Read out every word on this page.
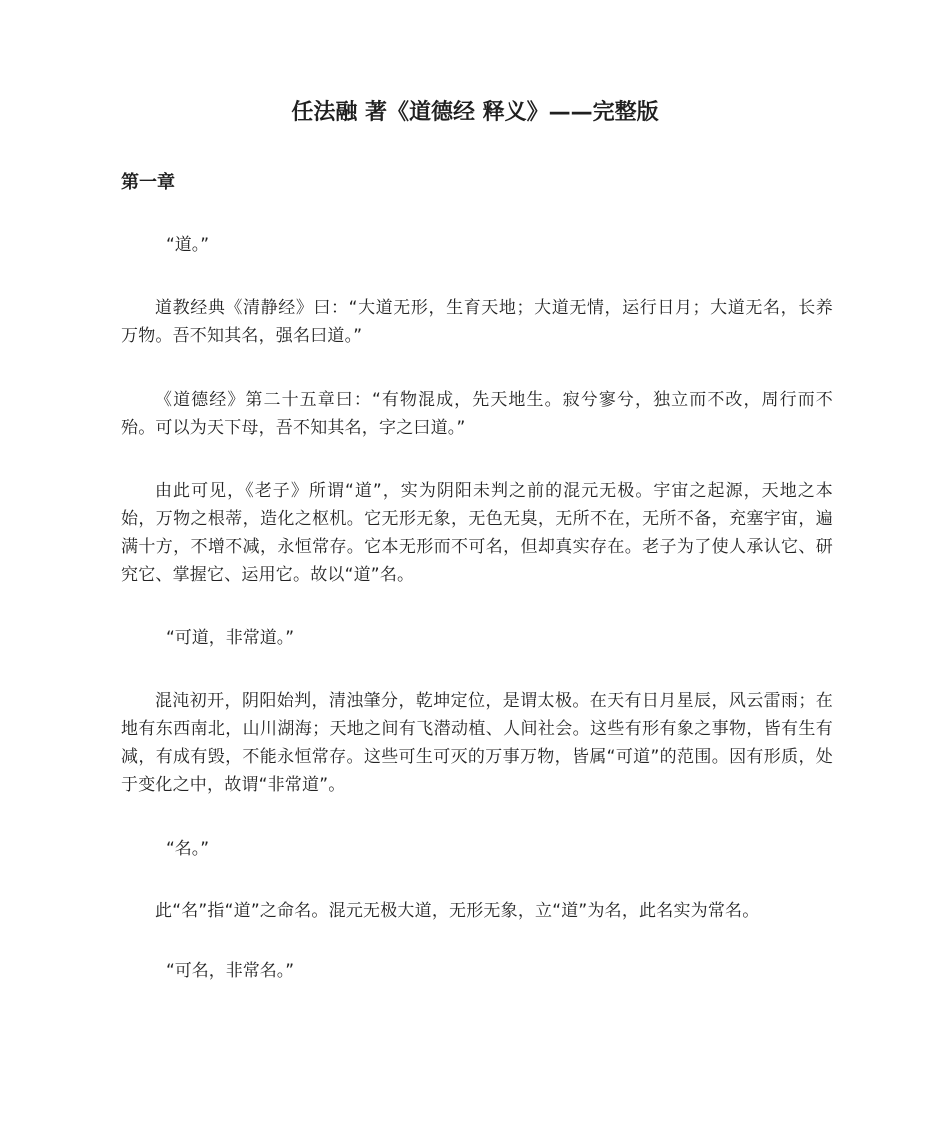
任法融 著《道德经 释义》——完整版
第一章
“道。”
道教经典《清静经》曰：“大道无形，生育天地；大道无情，运行日月；大道无名，长养万物。吾不知其名，强名曰道。”
《道德经》第二十五章曰：“有物混成，先天地生。寂兮寥兮，独立而不改，周行而不殆。可以为天下母，吾不知其名，字之曰道。”
由此可见，《老子》所谓“道”，实为阴阳未判之前的混元无极。宇宙之起源，天地之本始，万物之根蒂，造化之枢机。它无形无象，无色无臭，无所不在，无所不备，充塞宇宙，遍满十方，不增不减，永恒常存。它本无形而不可名，但却真实存在。老子为了使人承认它、研究它、掌握它、运用它。故以“道”名。
“可道，非常道。”
混沌初开，阴阳始判，清浊肇分，乾坤定位，是谓太极。在天有日月星辰，风云雷雨；在地有东西南北，山川湖海；天地之间有飞潜动植、人间社会。这些有形有象之事物，皆有生有减，有成有毁，不能永恒常存。这些可生可灭的万事万物，皆属“可道”的范围。因有形质，处于变化之中，故谓“非常道”。
“名。”
此“名”指“道”之命名。混元无极大道，无形无象，立“道”为名，此名实为常名。
“可名，非常名。”
